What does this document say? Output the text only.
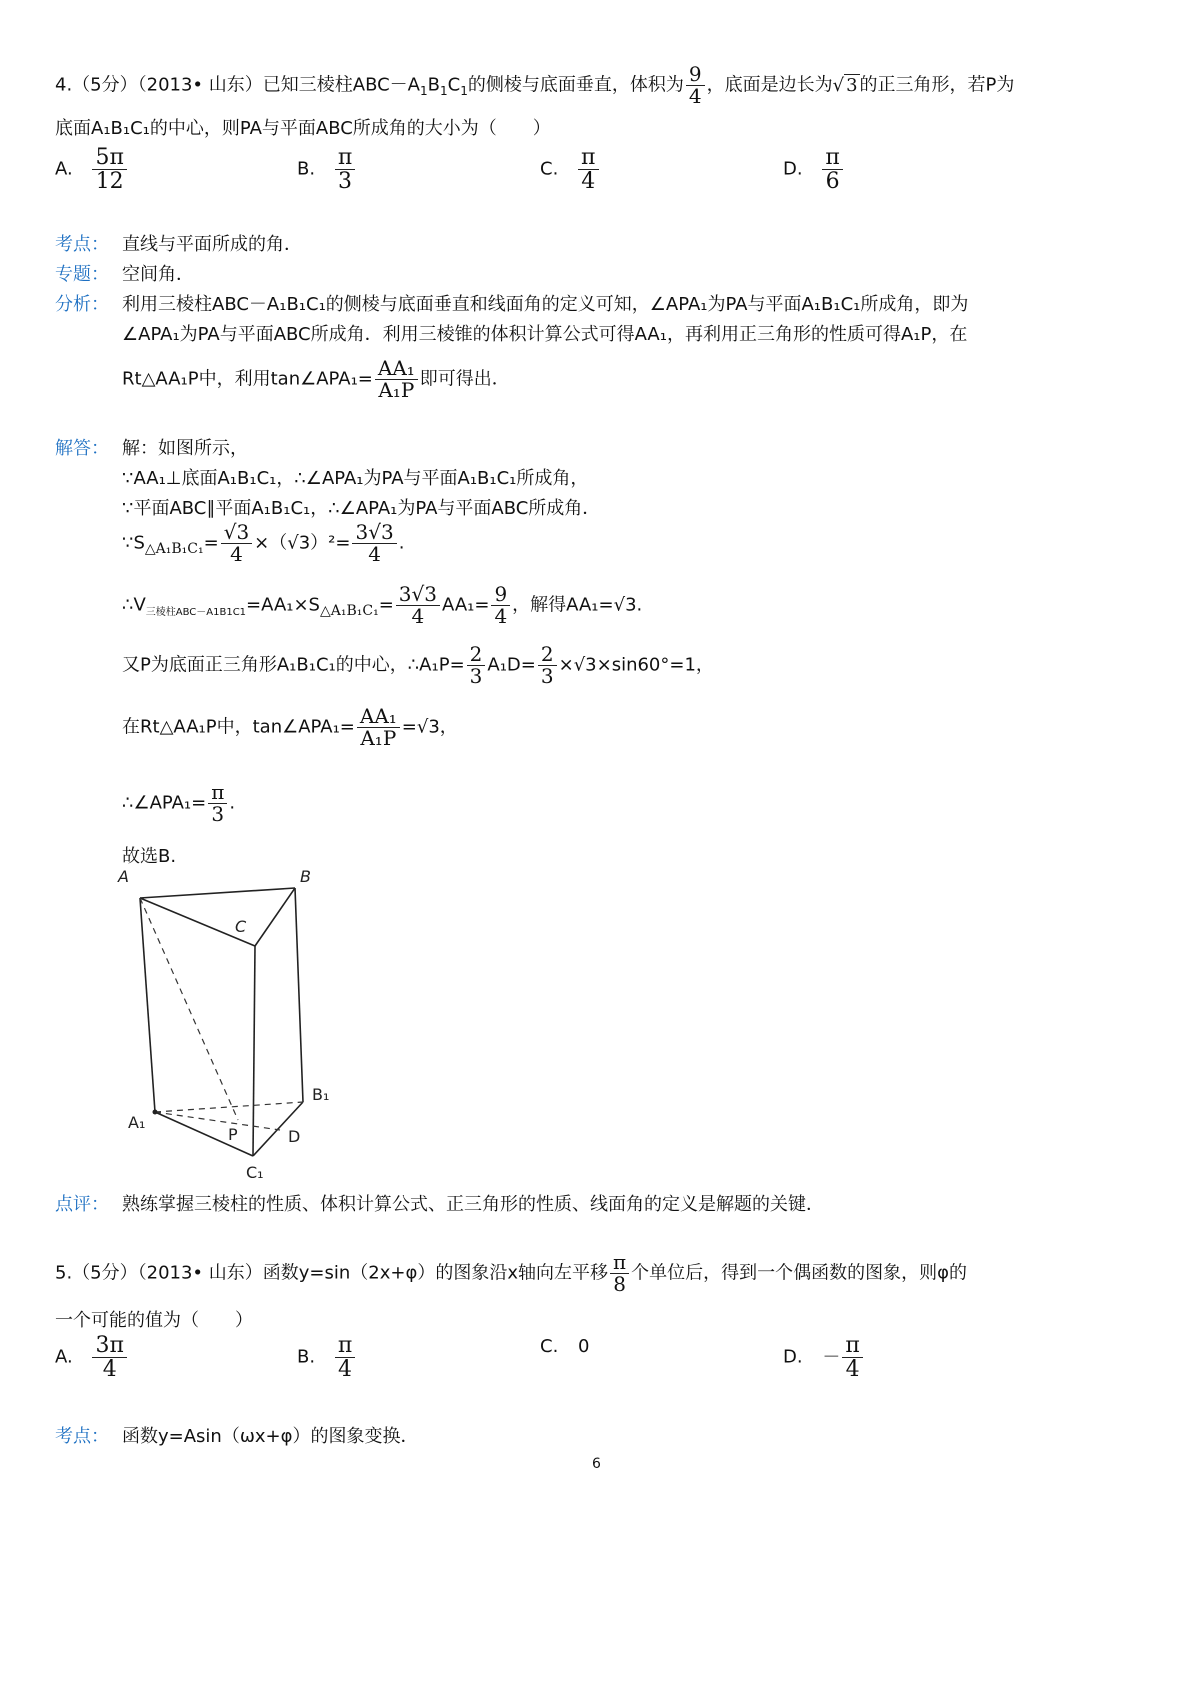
4.（5分）（2013• 山东）已知三棱柱$ABC-A_1B_1C_1$的侧棱与底面垂直，体积为 $\frac{9}{4}$ ，底面是边长为√ 3 的正三角形，若P为
底面A₁B₁C₁的中心，则PA与平面ABC所成角的大小为（　　）
A. $\frac{5\pi}{12}$	B. $\frac{\pi}{3}$	C. $\frac{\pi}{4}$	D. $\frac{\pi}{6}$
考点： 直线与平面所成的角．
专题： 空间角．
分析： 利用三棱柱ABC－A₁B₁C₁的侧棱与底面垂直和线面角的定义可知，∠APA₁为PA与平面A₁B₁C₁所成角，即为
∠APA₁为PA与平面ABC所成角．利用三棱锥的体积计算公式可得AA₁，再利用正三角形的性质可得A₁P，在
Rt△AA₁P中，利用tan∠APA₁= $\frac{\text{AA₁}}{\text{A₁P}}$ 即可得出．
解答： 解：如图所示，
∵AA₁⊥底面A₁B₁C₁，∴∠APA₁为PA与平面A₁B₁C₁所成角，
∵平面ABC∥平面A₁B₁C₁，∴∠APA₁为PA与平面ABC所成角．
$\because S_{\triangle A_1B_1C_1}= \frac{√3}{4} \times(√3)^2= \frac{3√3}{4}$ .
$\therefore V_{三棱柱ABC-A1B1C1}=AA_1\times S_{\triangle A_1B_1C_1}= \frac{3√3}{4} AA_1= \frac{9}{4}$ ，解得AA₁=√3.
又P为底面正三角形A₁B₁C₁的中心，∴A₁P= $\frac{2}{3} A_1D= \frac{2}{3} \times√3\times\sin 60^\circ=1$，
在Rt△AA₁P中，tan∠APA₁= $\frac{\text{AA₁}}{\text{A₁P}} =√3$，
∴∠APA₁= $\frac{\pi}{3}$ .
故选B.
A	B
C
A₁
B₁
C₁
P	D
点评： 熟练掌握三棱柱的性质、体积计算公式、正三角形的性质、线面角的定义是解题的关键．
5.（5分）（2013• 山东）函数y=sin（2x+φ）的图象沿x轴向左平移 $\frac{\pi}{8}$ 个单位后，得到一个偶函数的图象，则φ的
一个可能的值为（　　）
A. $\frac{3\pi}{4}$	B. $\frac{\pi}{4}$	C. 0
D. － $\frac{\pi}{4}$
考点： 函数y=Asin（ωx+φ）的图象变换．
6
